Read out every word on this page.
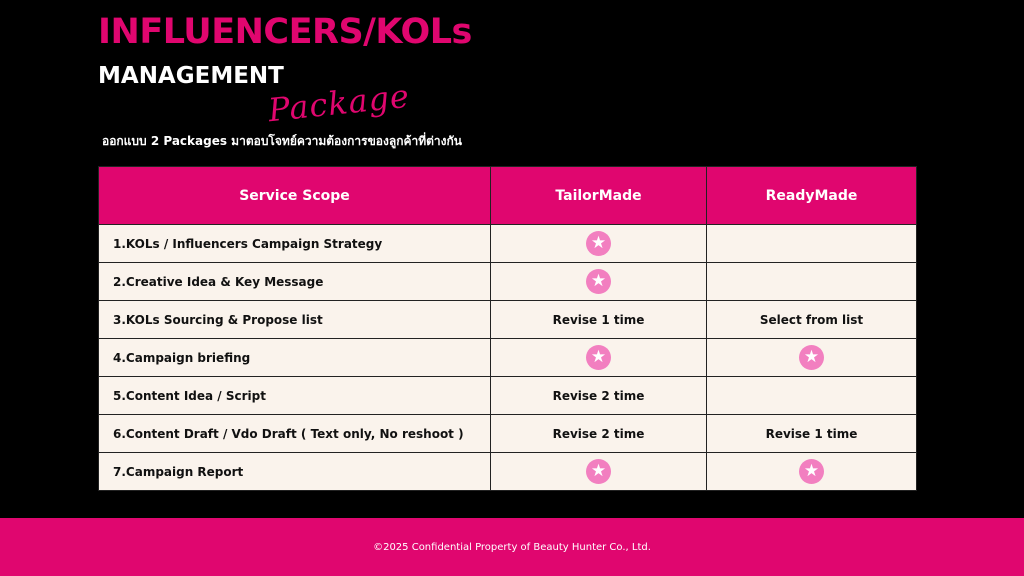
INFLUENCERS/KOLs
MANAGEMENT
Package
ออกแบบ 2 Packages มาตอบโจทย์ความต้องการของลูกค้าที่ต่างกัน
Service Scope	TailorMade	ReadyMade
1.KOLs / Influencers Campaign Strategy	★	
2.Creative Idea & Key Message	★	
3.KOLs Sourcing & Propose list	Revise 1 time	Select from list
4.Campaign briefing	★	★
5.Content Idea / Script	Revise 2 time	
6.Content Draft / Vdo Draft ( Text only, No reshoot )	Revise 2 time	Revise 1 time
7.Campaign Report	★	★
©2025 Confidential Property of Beauty Hunter Co., Ltd.
